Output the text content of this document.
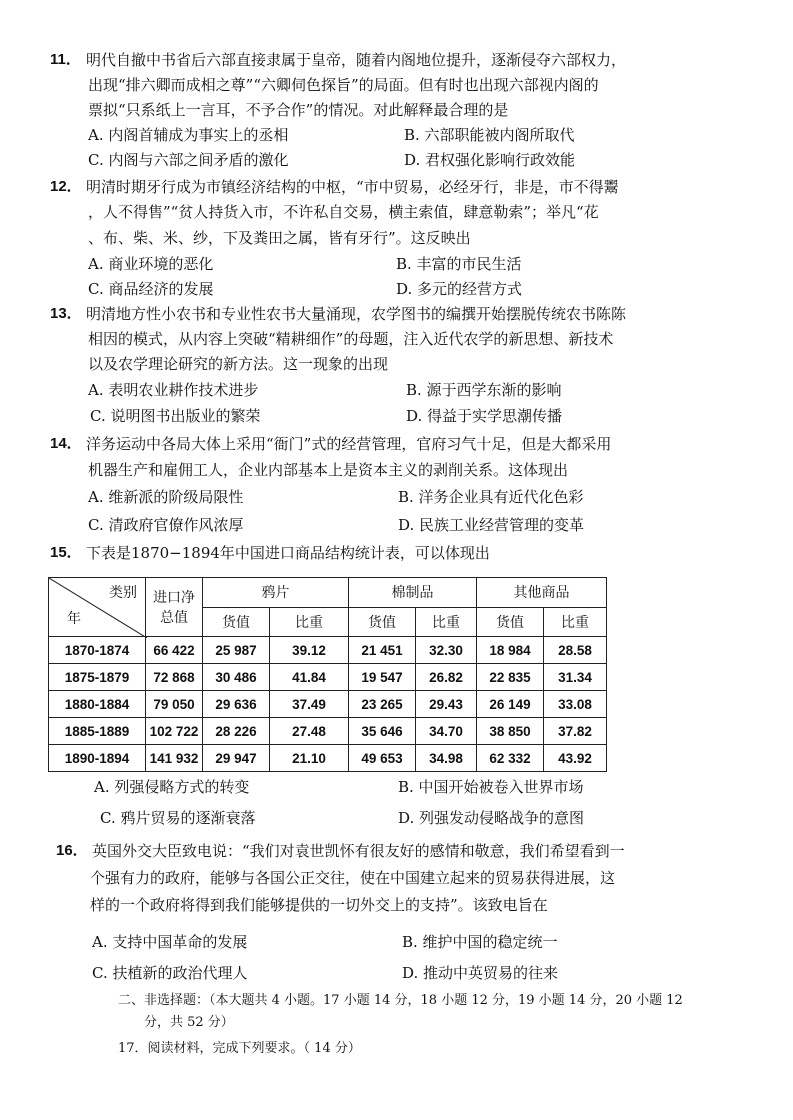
11． 明代自撤中书省后六部直接隶属于皇帝，随着内阁地位提升，逐渐侵夺六部权力，
出现“排六卿而成相之尊”“六卿伺色探旨”的局面。但有时也出现六部视内阁的
票拟“只系纸上一言耳，不予合作”的情况。对此解释最合理的是
A. 内阁首辅成为事实上的丞相	B. 六部职能被内阁所取代
C. 内阁与六部之间矛盾的激化	D. 君权强化影响行政效能
12． 明清时期牙行成为市镇经济结构的中枢，“市中贸易，必经牙行，非是，市不得鬻
，人不得售”“贫人持货入市，不许私自交易，横主索值，肆意勒索”；举凡“花
、布、柴、米、纱，下及粪田之属，皆有牙行”。这反映出
A. 商业环境的恶化	B. 丰富的市民生活
C. 商品经济的发展	D. 多元的经营方式
13． 明清地方性小农书和专业性农书大量涌现，农学图书的编撰开始摆脱传统农书陈陈
相因的模式，从内容上突破“精耕细作”的母题，注入近代农学的新思想、新技术
以及农学理论研究的新方法。这一现象的出现
A. 表明农业耕作技术进步	B. 源于西学东渐的影响
C. 说明图书出版业的繁荣	D. 得益于实学思潮传播
14． 洋务运动中各局大体上采用“衙门”式的经营管理，官府习气十足，但是大都采用
机器生产和雇佣工人，企业内部基本上是资本主义的剥削关系。这体现出
A. 维新派的阶级局限性	B. 洋务企业具有近代化色彩
C. 清政府官僚作风浓厚	D. 民族工业经营管理的变革
15． 下表是1870−1894年中国进口商品结构统计表，可以体现出
类别
年	进口净总值	鸦片		棉制品		其他商品	
		货值	比重	货值	比重	货值	比重
1870-1874	66 422	25 987	39.12	21 451	32.30	18 984	28.58
1875-1879	72 868	30 486	41.84	19 547	26.82	22 835	31.34
1880-1884	79 050	29 636	37.49	23 265	29.43	26 149	33.08
1885-1889	102 722	28 226	27.48	35 646	34.70	38 850	37.82
1890-1894	141 932	29 947	21.10	49 653	34.98	62 332	43.92
A. 列强侵略方式的转变	B. 中国开始被卷入世界市场
C. 鸦片贸易的逐渐衰落	D. 列强发动侵略战争的意图
16． 英国外交大臣致电说：“我们对袁世凯怀有很友好的感情和敬意，我们希望看到一
个强有力的政府，能够与各国公正交往，使在中国建立起来的贸易获得进展，这
样的一个政府将得到我们能够提供的一切外交上的支持”。该致电旨在
A. 支持中国革命的发展	B. 维护中国的稳定统一
C. 扶植新的政治代理人	D. 推动中英贸易的往来
二、非选择题：（本大题共 4 小题。17 小题 14 分，18 小题 12 分，19 小题 14 分，20 小题 12
分，共 52 分）
17．阅读材料，完成下列要求。（ 14 分）
